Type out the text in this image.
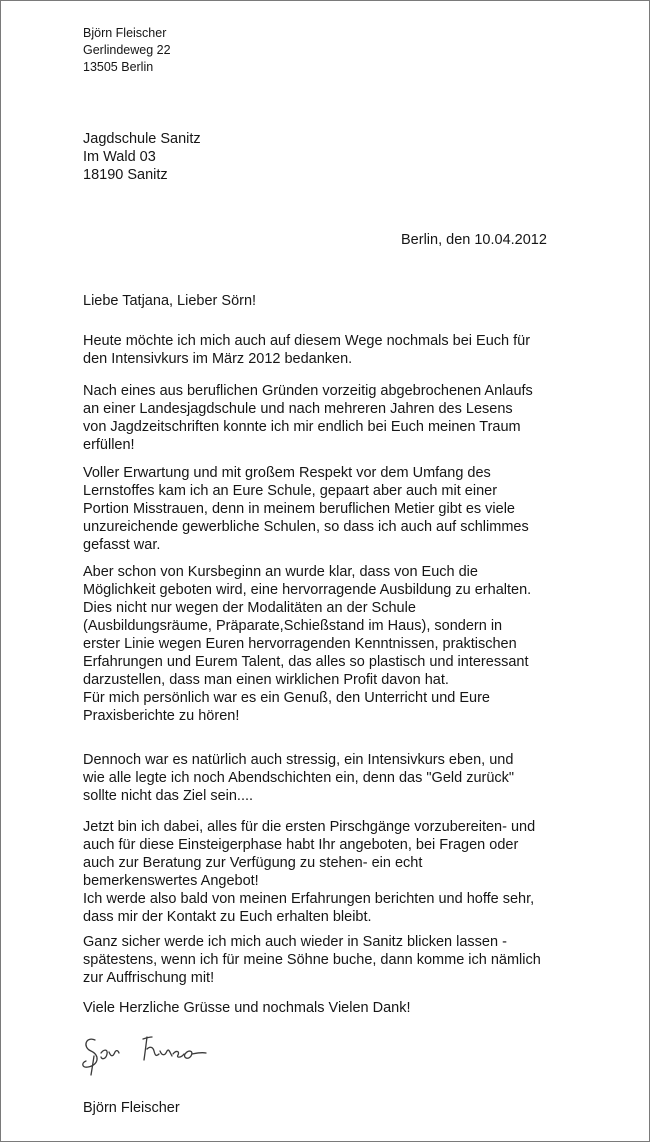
Björn Fleischer
Gerlindeweg 22
13505 Berlin
Jagdschule Sanitz
Im Wald 03
18190 Sanitz
Berlin, den 10.04.2012
Liebe Tatjana, Lieber Sörn!

Heute möchte ich mich auch auf diesem Wege nochmals bei Euch für
den Intensivkurs im März 2012 bedanken.

Nach eines aus beruflichen Gründen vorzeitig abgebrochenen Anlaufs
an einer Landesjagdschule und nach mehreren Jahren des Lesens
von Jagdzeitschriften konnte ich mir endlich bei Euch meinen Traum
erfüllen!

Voller Erwartung und mit großem Respekt vor dem Umfang des
Lernstoffes kam ich an Eure Schule, gepaart aber auch mit einer
Portion Misstrauen, denn in meinem beruflichen Metier gibt es viele
unzureichende gewerbliche Schulen, so dass ich auch auf schlimmes
gefasst war.

Aber schon von Kursbeginn an wurde klar, dass von Euch die
Möglichkeit geboten wird, eine hervorragende Ausbildung zu erhalten.
Dies nicht nur wegen der Modalitäten an der Schule
(Ausbildungsräume, Präparate,Schießstand im Haus), sondern in
erster Linie wegen Euren hervorragenden Kenntnissen, praktischen
Erfahrungen und Eurem Talent, das alles so plastisch und interessant
darzustellen, dass man einen wirklichen Profit davon hat.
Für mich persönlich war es ein Genuß, den Unterricht und Eure
Praxisberichte zu hören!

Dennoch war es natürlich auch stressig, ein Intensivkurs eben, und
wie alle legte ich noch Abendschichten ein, denn das "Geld zurück"
sollte nicht das Ziel sein....

Jetzt bin ich dabei, alles für die ersten Pirschgänge vorzubereiten- und
auch für diese Einsteigerphase habt Ihr angeboten, bei Fragen oder
auch zur Beratung zur Verfügung zu stehen- ein echt
bemerkenswertes Angebot!
Ich werde also bald von meinen Erfahrungen berichten und hoffe sehr,
dass mir der Kontakt zu Euch erhalten bleibt.

Ganz sicher werde ich mich auch wieder in Sanitz blicken lassen -
spätestens, wenn ich für meine Söhne buche, dann komme ich nämlich
zur Auffrischung mit!

Viele Herzliche Grüsse und nochmals Vielen Dank!
Björn Fleischer
